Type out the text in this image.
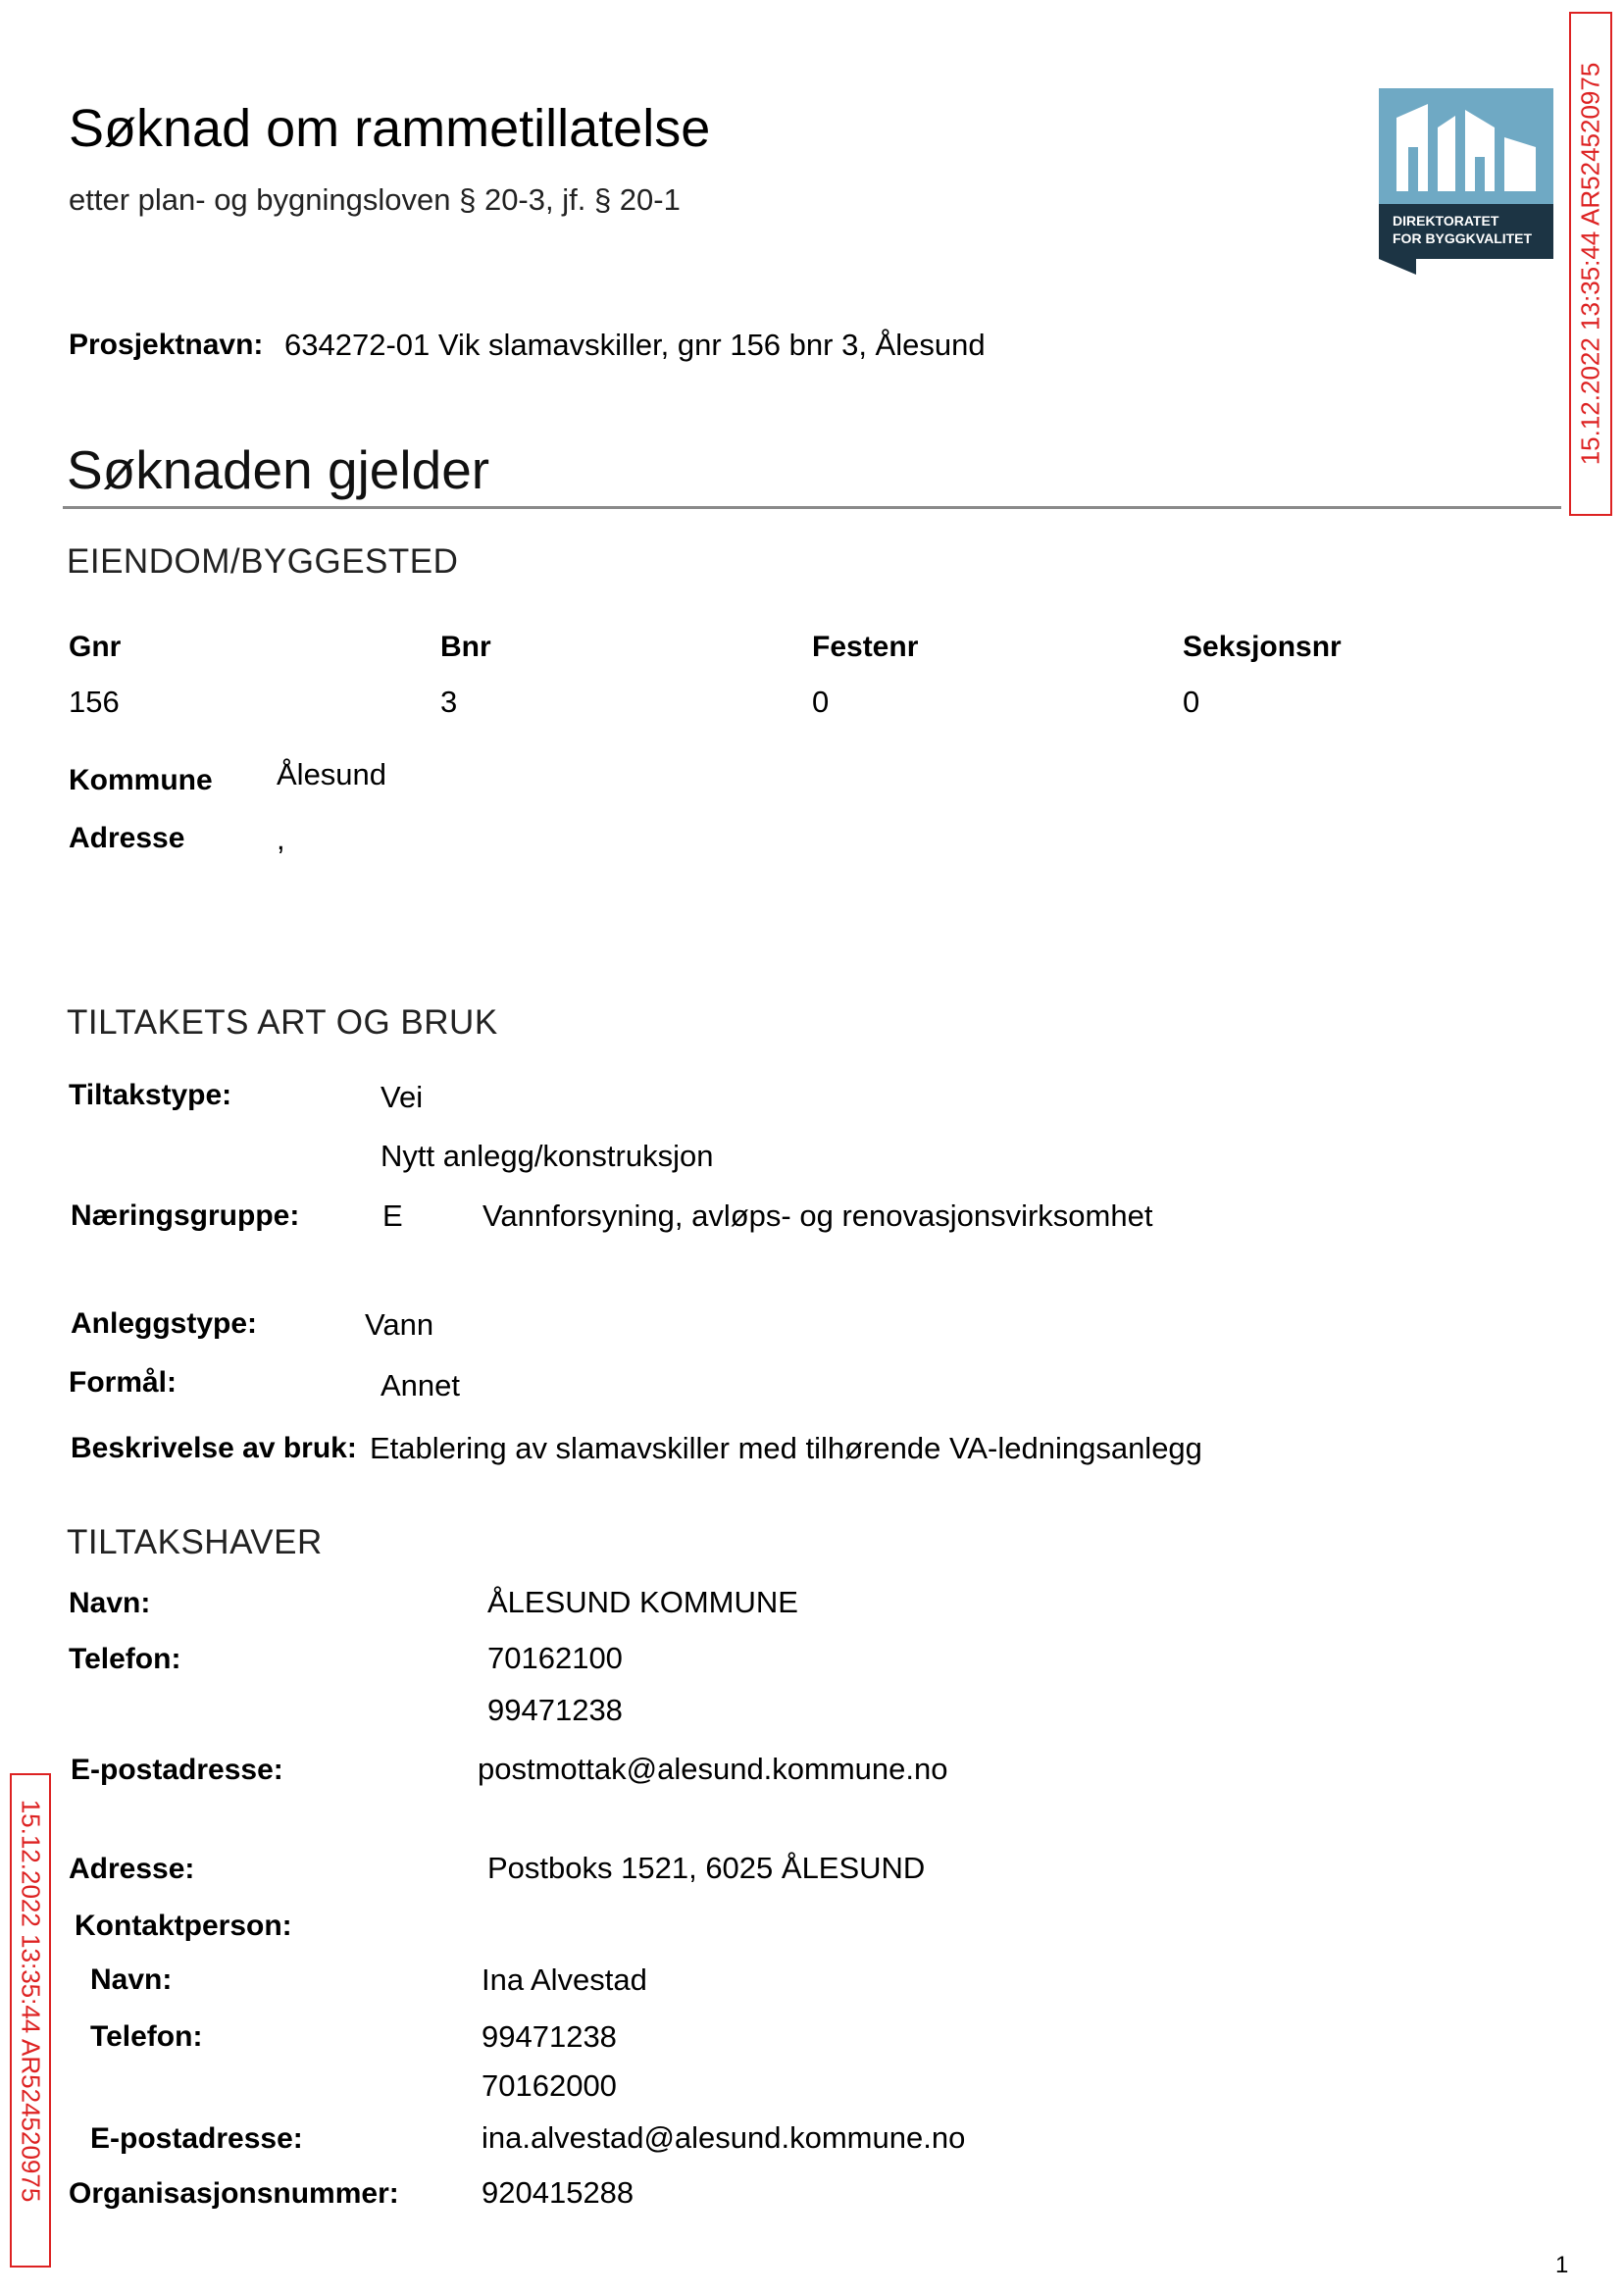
Søknad om rammetillatelse
etter plan- og bygningsloven § 20-3, jf. § 20-1
DIREKTORATET
FOR BYGGKVALITET 15.12.2022 13:35:44 AR524520975
15.12.2022 13:35:44 AR524520975
Prosjektnavn: 634272-01 Vik slamavskiller, gnr 156 bnr 3, Ålesund
Søknaden gjelder
EIENDOM/BYGGESTED
Gnr	Bnr	Festenr	Seksjonsnr
156	3	0	0
Kommune Ålesund
Adresse	,
TILTAKETS ART OG BRUK
Tiltakstype:	Vei
Nytt anlegg/konstruksjon
Næringsgruppe:	E	Vannforsyning, avløps- og renovasjonsvirksomhet
Anleggstype:	Vann
Formål:	Annet
Beskrivelse av bruk: Etablering av slamavskiller med tilhørende VA-ledningsanlegg
TILTAKSHAVER
Navn:	ÅLESUND KOMMUNE
Telefon:	70162100
99471238
E-postadresse:	postmottak@alesund.kommune.no
Adresse:	Postboks 1521, 6025 ÅLESUND
Kontaktperson:
Navn:	Ina Alvestad
Telefon:	99471238
70162000
E-postadresse:	ina.alvestad@alesund.kommune.no
Organisasjonsnummer:	920415288
1
